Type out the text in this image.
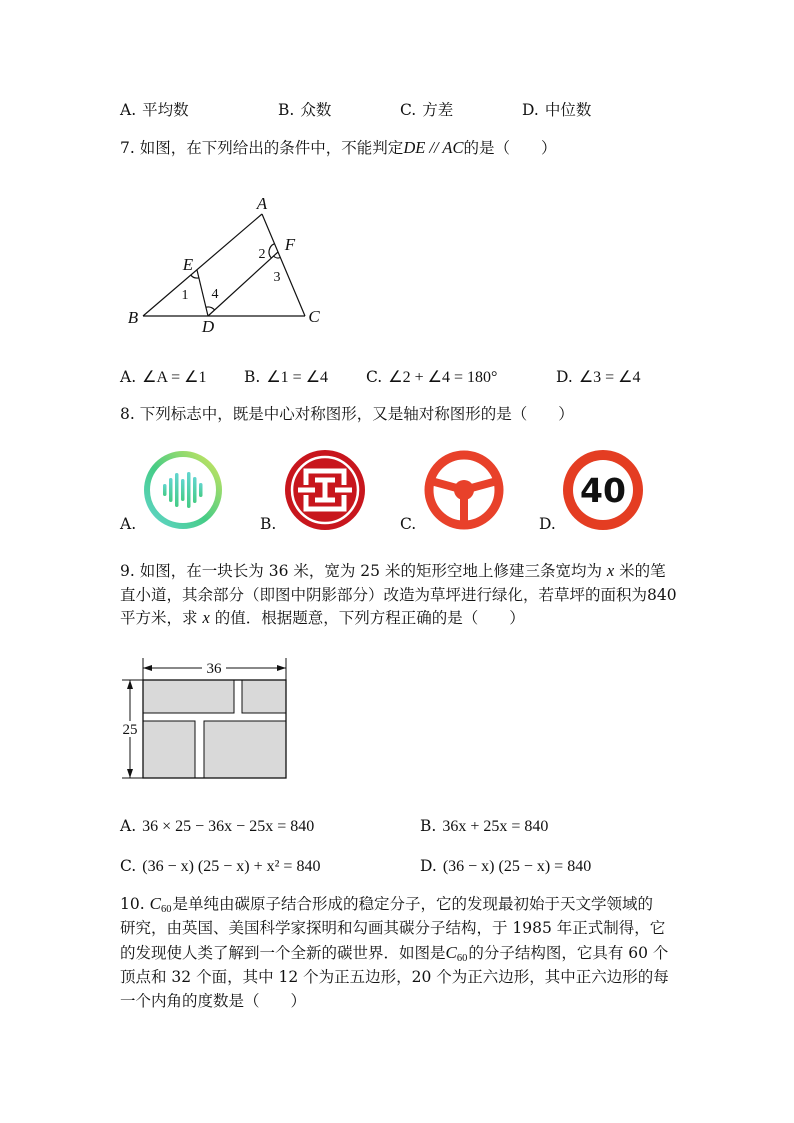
A. 平均数	B. 众数	C. 方差	D. 中位数
7. 如图，在下列给出的条件中，不能判定DE // AC的是（　　）
A
B	C
D
E
F
1 4
2
3
A. ∠A = ∠1 B. ∠1 = ∠4 C. ∠2 + ∠4 = 180°	D. ∠3 = ∠4
8. 下列标志中，既是中心对称图形，又是轴对称图形的是（　　）
40
A.	B.	C.	D.
9. 如图，在一块长为 36 米，宽为 25 米的矩形空地上修建三条宽均为 x 米的笔
直小道，其余部分（即图中阴影部分）改造为草坪进行绿化，若草坪的面积为840
平方米，求 x 的值．根据题意，下列方程正确的是（　　）
36
25
A. 36 × 25 − 36x − 25x = 840	B. 36x + 25x = 840
C. (36 − x) (25 − x) + x² = 840	D. (36 − x) (25 − x) = 840
10. C60是单纯由碳原子结合形成的稳定分子，它的发现最初始于天文学领域的
研究，由英国、美国科学家探明和勾画其碳分子结构，于 1985 年正式制得，它
的发现使人类了解到一个全新的碳世界．如图是C60的分子结构图，它具有 60 个
顶点和 32 个面，其中 12 个为正五边形，20 个为正六边形，其中正六边形的每
一个内角的度数是（　　）
